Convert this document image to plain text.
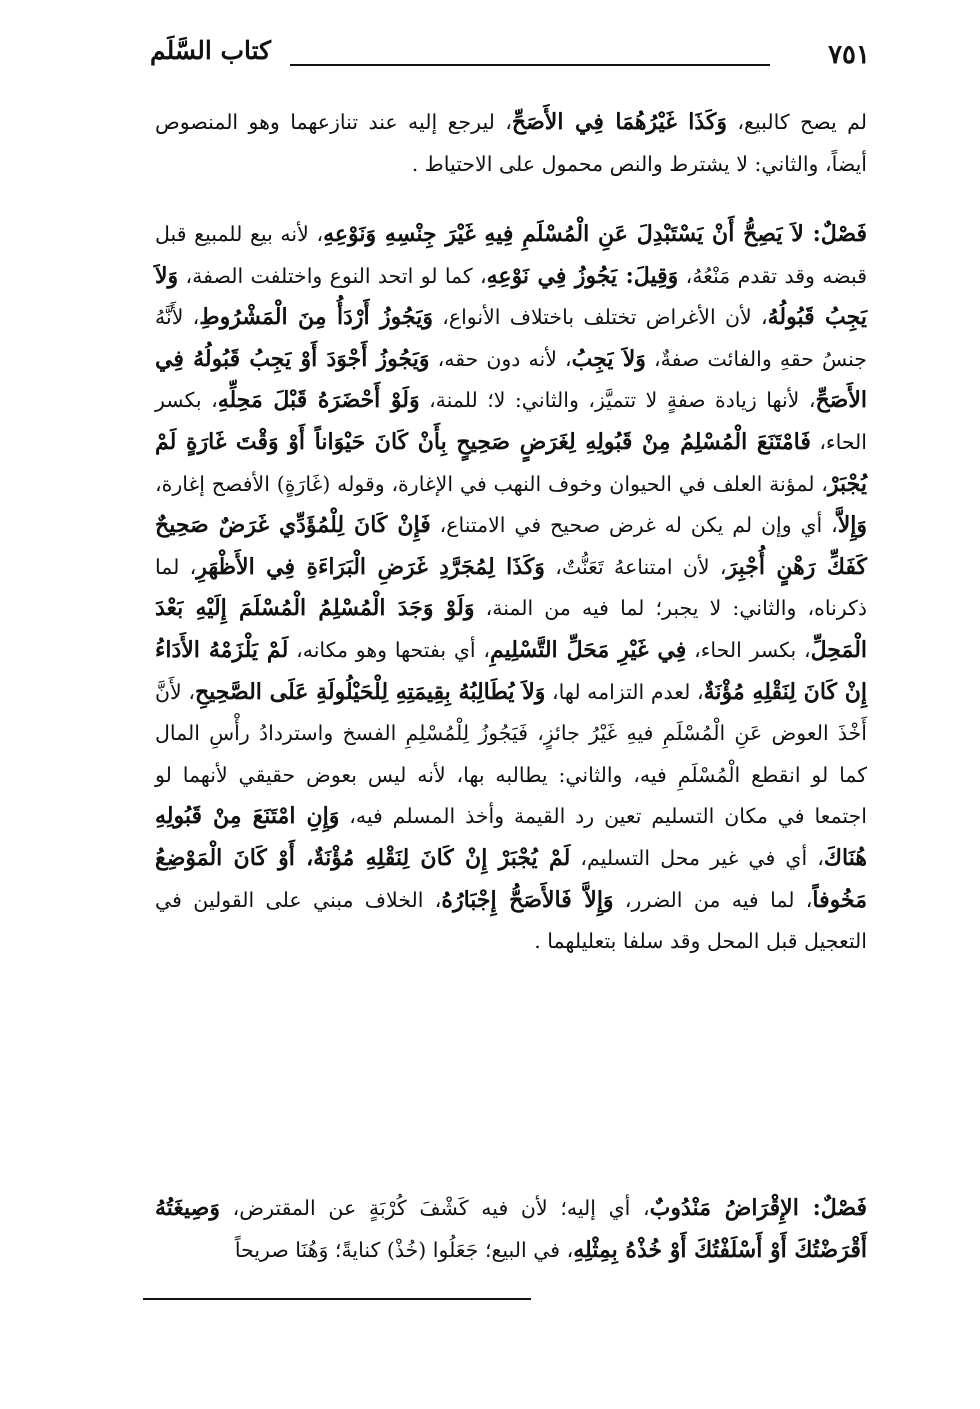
٧٥١
كتاب السَّلَم

لم يصح كالبيع، وَكَذَا غَيْرُهُمَا فِي الأَصَحِّ، ليرجع إليه عند تنازعهما وهو المنصوص أيضاً، والثاني: لا يشترط والنص محمول على الاحتياط .

فَصْلٌ: لاَ يَصِحُّ أَنْ يَسْتَبْدِلَ عَنِ الْمُسْلَمِ فِيهِ غَيْرَ جِنْسِهِ وَنَوْعِهِ، لأنه بيع للمبيع قبل قبضه وقد تقدم مَنْعُهُ، وَقِيلَ: يَجُوزُ فِي نَوْعِهِ، كما لو اتحد النوع واختلفت الصفة، وَلاَ يَجِبُ قَبُولُهُ، لأن الأغراض تختلف باختلاف الأنواع، وَيَجُوزُ أَرْدَأُ مِنَ الْمَشْرُوطِ، لأَنَّهُ جنسُ حقهِ والفائت صفةٌ، وَلاَ يَجِبُ، لأنه دون حقه، وَيَجُوزُ أَجْوَدَ أَوْ يَجِبُ قَبُولُهُ فِي الأَصَحِّ، لأنها زيادة صفةٍ لا تتميَّز، والثاني: لا؛ للمنة، وَلَوْ أَحْضَرَهُ قَبْلَ مَحِلِّهِ، بكسر الحاء، فَامْتَنَعَ الْمُسْلِمُ مِنْ قَبُولِهِ لِغَرَضٍ صَحِيحٍ بِأَنْ كَانَ حَيْوَاناً أَوْ وَقْتَ غَارَةٍ لَمْ يُجْبَرْ، لمؤنة العلف في الحيوان وخوف النهب في الإغارة، وقوله (غَارَةٍ) الأفصح إغارة، وَإِلاَّ، أي وإن لم يكن له غرض صحيح في الامتناع، فَإِنْ كَانَ لِلْمُؤَدِّي غَرَضٌ صَحِيحٌ كَفَكِّ رَهْنٍ أُجْبِرَ، لأن امتناعهُ تَعَنُّتٌ، وَكَذَا لِمُجَرَّدِ غَرَضِ الْبَرَاءَةِ فِي الأَظْهَرِ، لما ذكرناه، والثاني: لا يجبر؛ لما فيه من المنة، وَلَوْ وَجَدَ الْمُسْلِمُ الْمُسْلَمَ إِلَيْهِ بَعْدَ الْمَحِلِّ، بكسر الحاء، فِي غَيْرِ مَحَلِّ التَّسْلِيمِ، أي بفتحها وهو مكانه، لَمْ يَلْزَمْهُ الأَدَاءُ إِنْ كَانَ لِنَقْلِهِ مُؤْنَةٌ، لعدم التزامه لها، وَلاَ يُطَالِبُهُ بِقِيمَتِهِ لِلْحَيْلُولَةِ عَلَى الصَّحِيحِ، لأَنَّ أَخْذَ العوض عَنِ الْمُسْلَمِ فيهِ غَيْرُ جائزٍ، فَيَجُوزُ لِلْمُسْلِمِ الفسخ واستردادُ رأْسِ المال كما لو انقطع الْمُسْلَمِ فيه، والثاني: يطالبه بها، لأنه ليس بعوض حقيقي لأنهما لو اجتمعا في مكان التسليم تعين رد القيمة وأخذ المسلم فيه، وَإِنِ امْتَنَعَ مِنْ قَبُولِهِ هُنَاكَ، أي في غير محل التسليم، لَمْ يُجْبَرْ إِنْ كَانَ لِنَقْلِهِ مُؤْنَةٌ، أَوْ كَانَ الْمَوْضِعُ مَخُوفاً، لما فيه من الضرر، وَإِلاَّ فَالأَصَحُّ إِجْبَارُهُ، الخلاف مبني على القولين في التعجيل قبل المحل وقد سلفا بتعليلهما .

فَصْلٌ: الإِقْرَاضُ مَنْدُوبٌ، أي إليه؛ لأن فيه كَشْفَ كُرْبَةٍ عن المقترض، وَصِيغَتُهُ أَقْرَضْتُكَ أَوْ أَسْلَفْتُكَ أَوْ خُذْهُ بِمِثْلِهِ، في البيع؛ جَعَلُوا (خُذْ) كنايةً؛ وَهُنَا صريحاً
